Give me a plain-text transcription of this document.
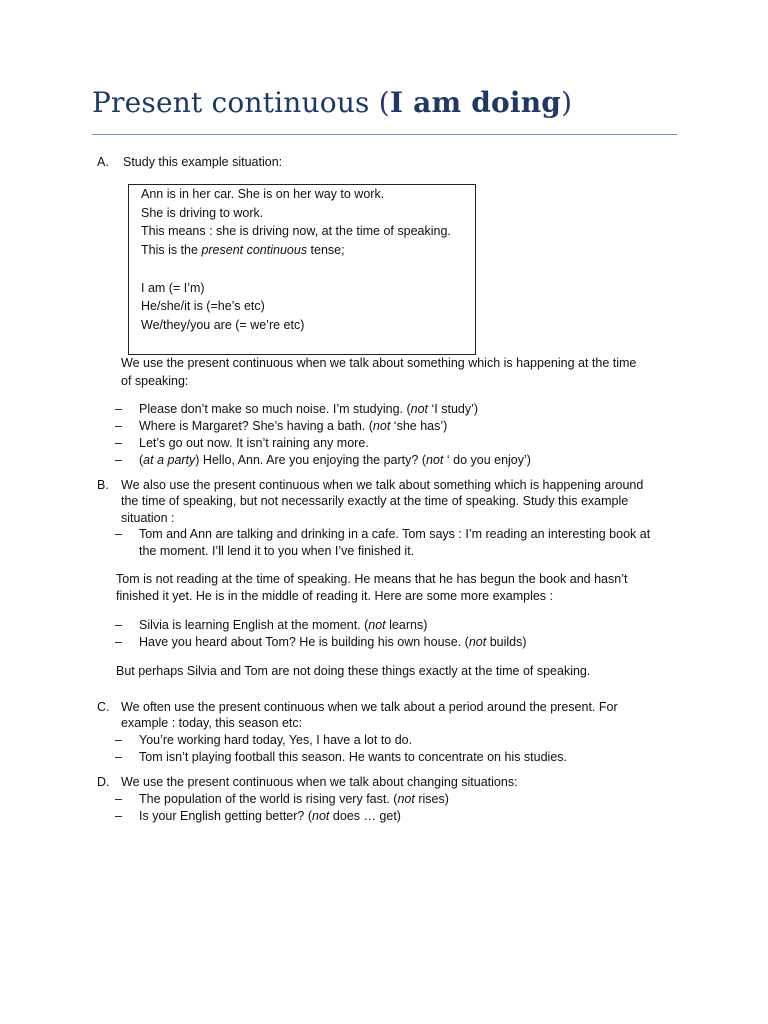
Present continuous (I am doing)
A. Study this example situation:
Ann is in her car. She is on her way to work.
She is driving to work.
This means : she is driving now, at the time of speaking.
This is the present continuous tense;
I am (= I’m)
He/she/it is (=he’s etc)
We/they/you are (= we’re etc)
We use the present continuous when we talk about something which is happening at the time
of speaking:
– Please don’t make so much noise. I’m studying. (not ‘I study’)
– Where is Margaret? She’s having a bath. (not ‘she has’)
– Let’s go out now. It isn’t raining any more.
– (at a party) Hello, Ann. Are you enjoying the party? (not ‘ do you enjoy’)
B. We also use the present continuous when we talk about something which is happening around
the time of speaking, but not necessarily exactly at the time of speaking. Study this example
situation :
– Tom and Ann are talking and drinking in a cafe. Tom says : I’m reading an interesting book at
the moment. I’ll lend it to you when I’ve finished it.
Tom is not reading at the time of speaking. He means that he has begun the book and hasn’t
finished it yet. He is in the middle of reading it. Here are some more examples :
– Silvia is learning English at the moment. (not learns)
– Have you heard about Tom? He is building his own house. (not builds)
But perhaps Silvia and Tom are not doing these things exactly at the time of speaking.
C. We often use the present continuous when we talk about a period around the present. For
example : today, this season etc:
– You’re working hard today, Yes, I have a lot to do.
– Tom isn’t playing football this season. He wants to concentrate on his studies.
D. We use the present continuous when we talk about changing situations:
– The population of the world is rising very fast. (not rises)
– Is your English getting better? (not does … get)
